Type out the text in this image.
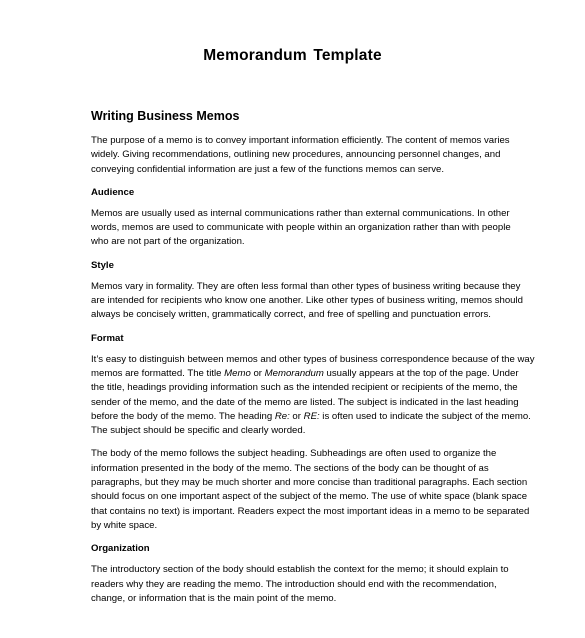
Memorandum Template
Writing Business Memos
The purpose of a memo is to convey important information efficiently. The content of memos varies
widely. Giving recommendations, outlining new procedures, announcing personnel changes, and
conveying confidential information are just a few of the functions memos can serve.
Audience
Memos are usually used as internal communications rather than external communications. In other
words, memos are used to communicate with people within an organization rather than with people
who are not part of the organization.
Style
Memos vary in formality. They are often less formal than other types of business writing because they
are intended for recipients who know one another. Like other types of business writing, memos should
always be concisely written, grammatically correct, and free of spelling and punctuation errors.
Format
It’s easy to distinguish between memos and other types of business correspondence because of the way
memos are formatted. The title Memo or Memorandum usually appears at the top of the page. Under
the title, headings providing information such as the intended recipient or recipients of the memo, the
sender of the memo, and the date of the memo are listed. The subject is indicated in the last heading
before the body of the memo. The heading Re: or RE: is often used to indicate the subject of the memo.
The subject should be specific and clearly worded.
The body of the memo follows the subject heading. Subheadings are often used to organize the
information presented in the body of the memo. The sections of the body can be thought of as
paragraphs, but they may be much shorter and more concise than traditional paragraphs. Each section
should focus on one important aspect of the subject of the memo. The use of white space (blank space
that contains no text) is important. Readers expect the most important ideas in a memo to be separated
by white space.
Organization
The introductory section of the body should establish the context for the memo; it should explain to
readers why they are reading the memo. The introduction should end with the recommendation,
change, or information that is the main point of the memo.
